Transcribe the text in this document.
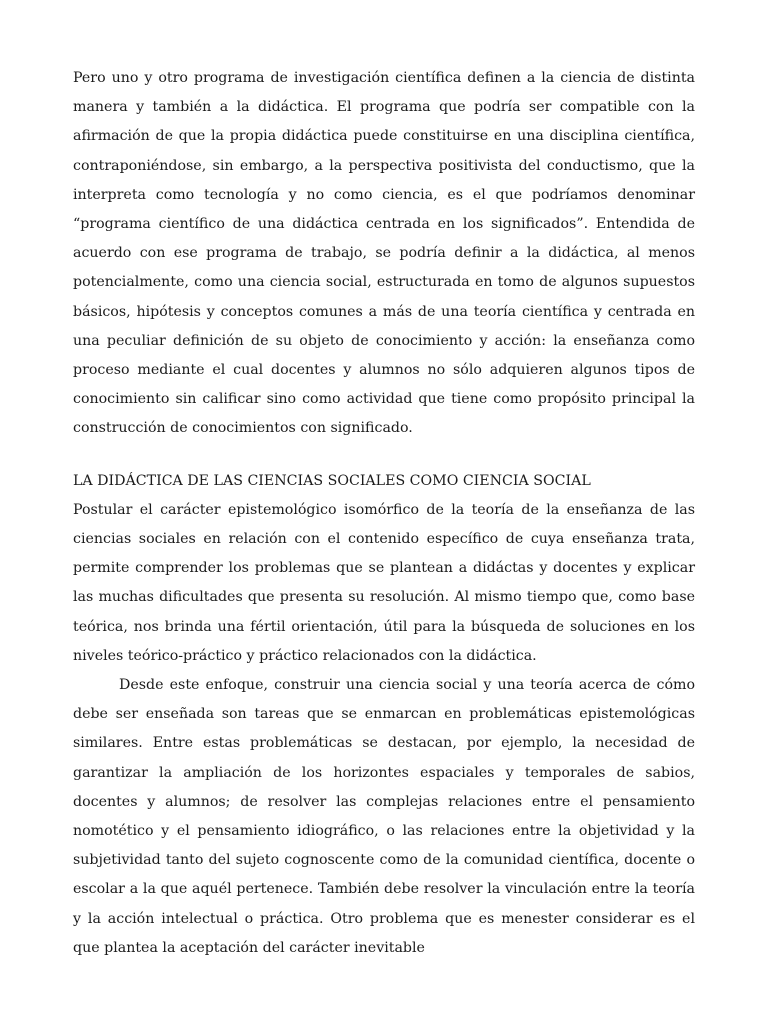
Pero uno y otro programa de investigación científica definen a la ciencia de distinta manera y también a la didáctica. El programa que podría ser compatible con la afirmación de que la propia didáctica puede constituirse en una disciplina científica, contraponiéndose, sin embargo, a la perspectiva positivista del conductismo, que la interpreta como tecnología y no como ciencia, es el que podríamos denominar “programa científico de una didáctica centrada en los significados”. Entendida de acuerdo con ese programa de trabajo, se podría definir a la didáctica, al menos potencialmente, como una ciencia social, estructurada en tomo de algunos supuestos básicos, hipótesis y conceptos comunes a más de una teoría científica y centrada en una peculiar definición de su objeto de conocimiento y acción: la enseñanza como proceso mediante el cual docentes y alumnos no sólo adquieren algunos tipos de conocimiento sin calificar sino como actividad que tiene como propósito principal la construcción de conocimientos con significado.

LA DIDÁCTICA DE LAS CIENCIAS SOCIALES COMO CIENCIA SOCIAL

Postular el carácter epistemológico isomórfico de la teoría de la enseñanza de las ciencias sociales en relación con el contenido específico de cuya enseñanza trata, permite comprender los problemas que se plantean a didáctas y docentes y explicar las muchas dificultades que presenta su resolución. Al mismo tiempo que, como base teórica, nos brinda una fértil orientación, útil para la búsqueda de soluciones en los niveles teórico-práctico y práctico relacionados con la didáctica.

Desde este enfoque, construir una ciencia social y una teoría acerca de cómo debe ser enseñada son tareas que se enmarcan en problemáticas epistemológicas similares. Entre estas problemáticas se destacan, por ejemplo, la necesidad de garantizar la ampliación de los horizontes espaciales y temporales de sabios, docentes y alumnos; de resolver las complejas relaciones entre el pensamiento nomotético y el pensamiento idiográfico, o las relaciones entre la objetividad y la subjetividad tanto del sujeto cognoscente como de la comunidad científica, docente o escolar a la que aquél pertenece. También debe resolver la vinculación entre la teoría y la acción intelectual o práctica. Otro problema que es menester considerar es el que plantea la aceptación del carácter inevitable
